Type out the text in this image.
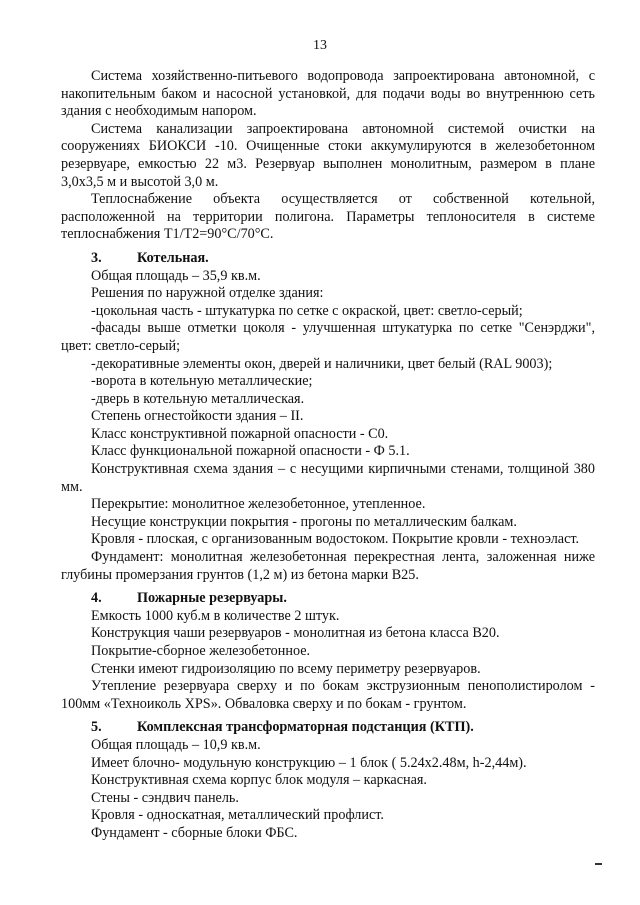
13

Система хозяйственно-питьевого водопровода запроектирована автономной, с накопительным баком и насосной установкой, для подачи воды во внутреннюю сеть здания с необходимым напором.

Система канализации запроектирована автономной системой очистки на сооружениях БИОКСИ -10. Очищенные стоки аккумулируются в железобетонном резервуаре, емкостью 22 м3. Резервуар выполнен монолитным, размером в плане 3,0х3,5 м и высотой 3,0 м.

Теплоснабжение объекта осуществляется от собственной котельной, расположенной на территории полигона. Параметры теплоносителя в системе теплоснабжения Т1/Т2=90°С/70°С.

3. Котельная.

Общая площадь – 35,9 кв.м.

Решения по наружной отделке здания:

-цокольная часть - штукатурка по сетке с окраской, цвет: светло-серый;

-фасады выше отметки цоколя - улучшенная штукатурка по сетке "Сенэрджи", цвет: светло-серый;

-декоративные элементы окон, дверей и наличники, цвет белый (RAL 9003);

-ворота в котельную металлические;

-дверь в котельную металлическая.

Степень огнестойкости здания – II.

Класс конструктивной пожарной опасности - С0.

Класс функциональной пожарной опасности - Ф 5.1.

Конструктивная схема здания – с несущими кирпичными стенами, толщиной 380 мм.

Перекрытие: монолитное железобетонное, утепленное.

Несущие конструкции покрытия - прогоны по металлическим балкам.

Кровля - плоская, с организованным водостоком. Покрытие кровли - техноэласт.

Фундамент: монолитная железобетонная перекрестная лента, заложенная ниже глубины промерзания грунтов (1,2 м) из бетона марки В25.

4. Пожарные резервуары.

Емкость 1000 куб.м в количестве 2 штук.

Конструкция чаши резервуаров - монолитная из бетона класса В20.

Покрытие-сборное железобетонное.

Стенки имеют гидроизоляцию по всему периметру резервуаров.

Утепление резервуара сверху и по бокам экструзионным пенополистиролом - 100мм «Техноиколь XPS». Обваловка сверху и по бокам - грунтом.

5. Комплексная трансформаторная подстанция (КТП).

Общая площадь – 10,9 кв.м.

Имеет блочно- модульную конструкцию – 1 блок ( 5.24х2.48м, h-2,44м).

Конструктивная схема корпус блок модуля – каркасная.

Стены - сэндвич панель.

Кровля - односкатная, металлический профлист.

Фундамент - сборные блоки ФБС.
